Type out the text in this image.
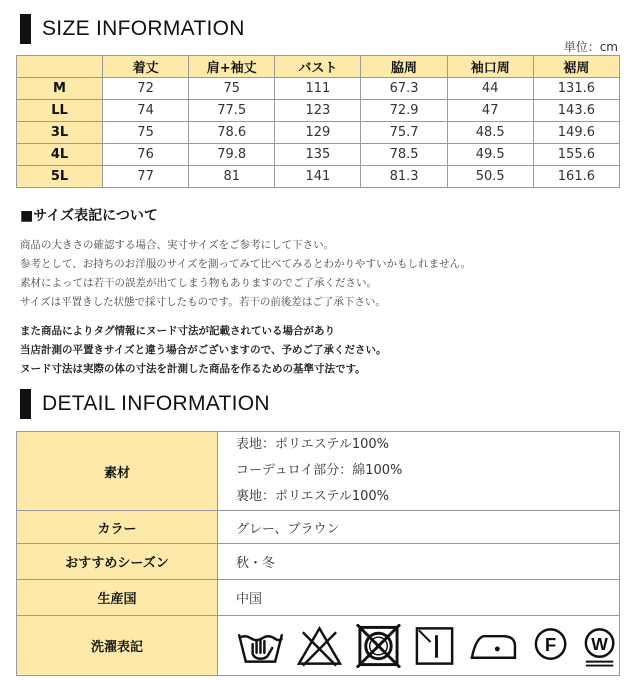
SIZE INFORMATION
単位：cm
	着丈	肩+袖丈	バスト	脇周	袖口周	裾周
M	72	75	111	67.3	44	131.6
LL	74	77.5	123	72.9	47	143.6
3L	75	78.6	129	75.7	48.5	149.6
4L	76	79.8	135	78.5	49.5	155.6
5L	77	81	141	81.3	50.5	161.6
■サイズ表記について
商品の大きさの確認する場合、実寸サイズをご参考にして下さい。
参考として、お持ちのお洋服のサイズを測ってみて比べてみるとわかりやすいかもしれません。
素材によっては若干の誤差が出てしまう物もありますのでご了承ください。
サイズは平置きした状態で採寸したものです。若干の前後差はご了承下さい。
また商品によりタグ情報にヌード寸法が記載されている場合があり
当店計測の平置きサイズと違う場合がございますので、予めご了承ください。
ヌード寸法は実際の体の寸法を計測した商品を作るための基準寸法です。
DETAIL INFORMATION
素材	表地：ポリエステル100%
コーデュロイ部分：綿100%
裏地：ポリエステル100%

カラー	グレー、ブラウン
おすすめシーズン	秋・冬
生産国	中国
洗濯表記	F W
